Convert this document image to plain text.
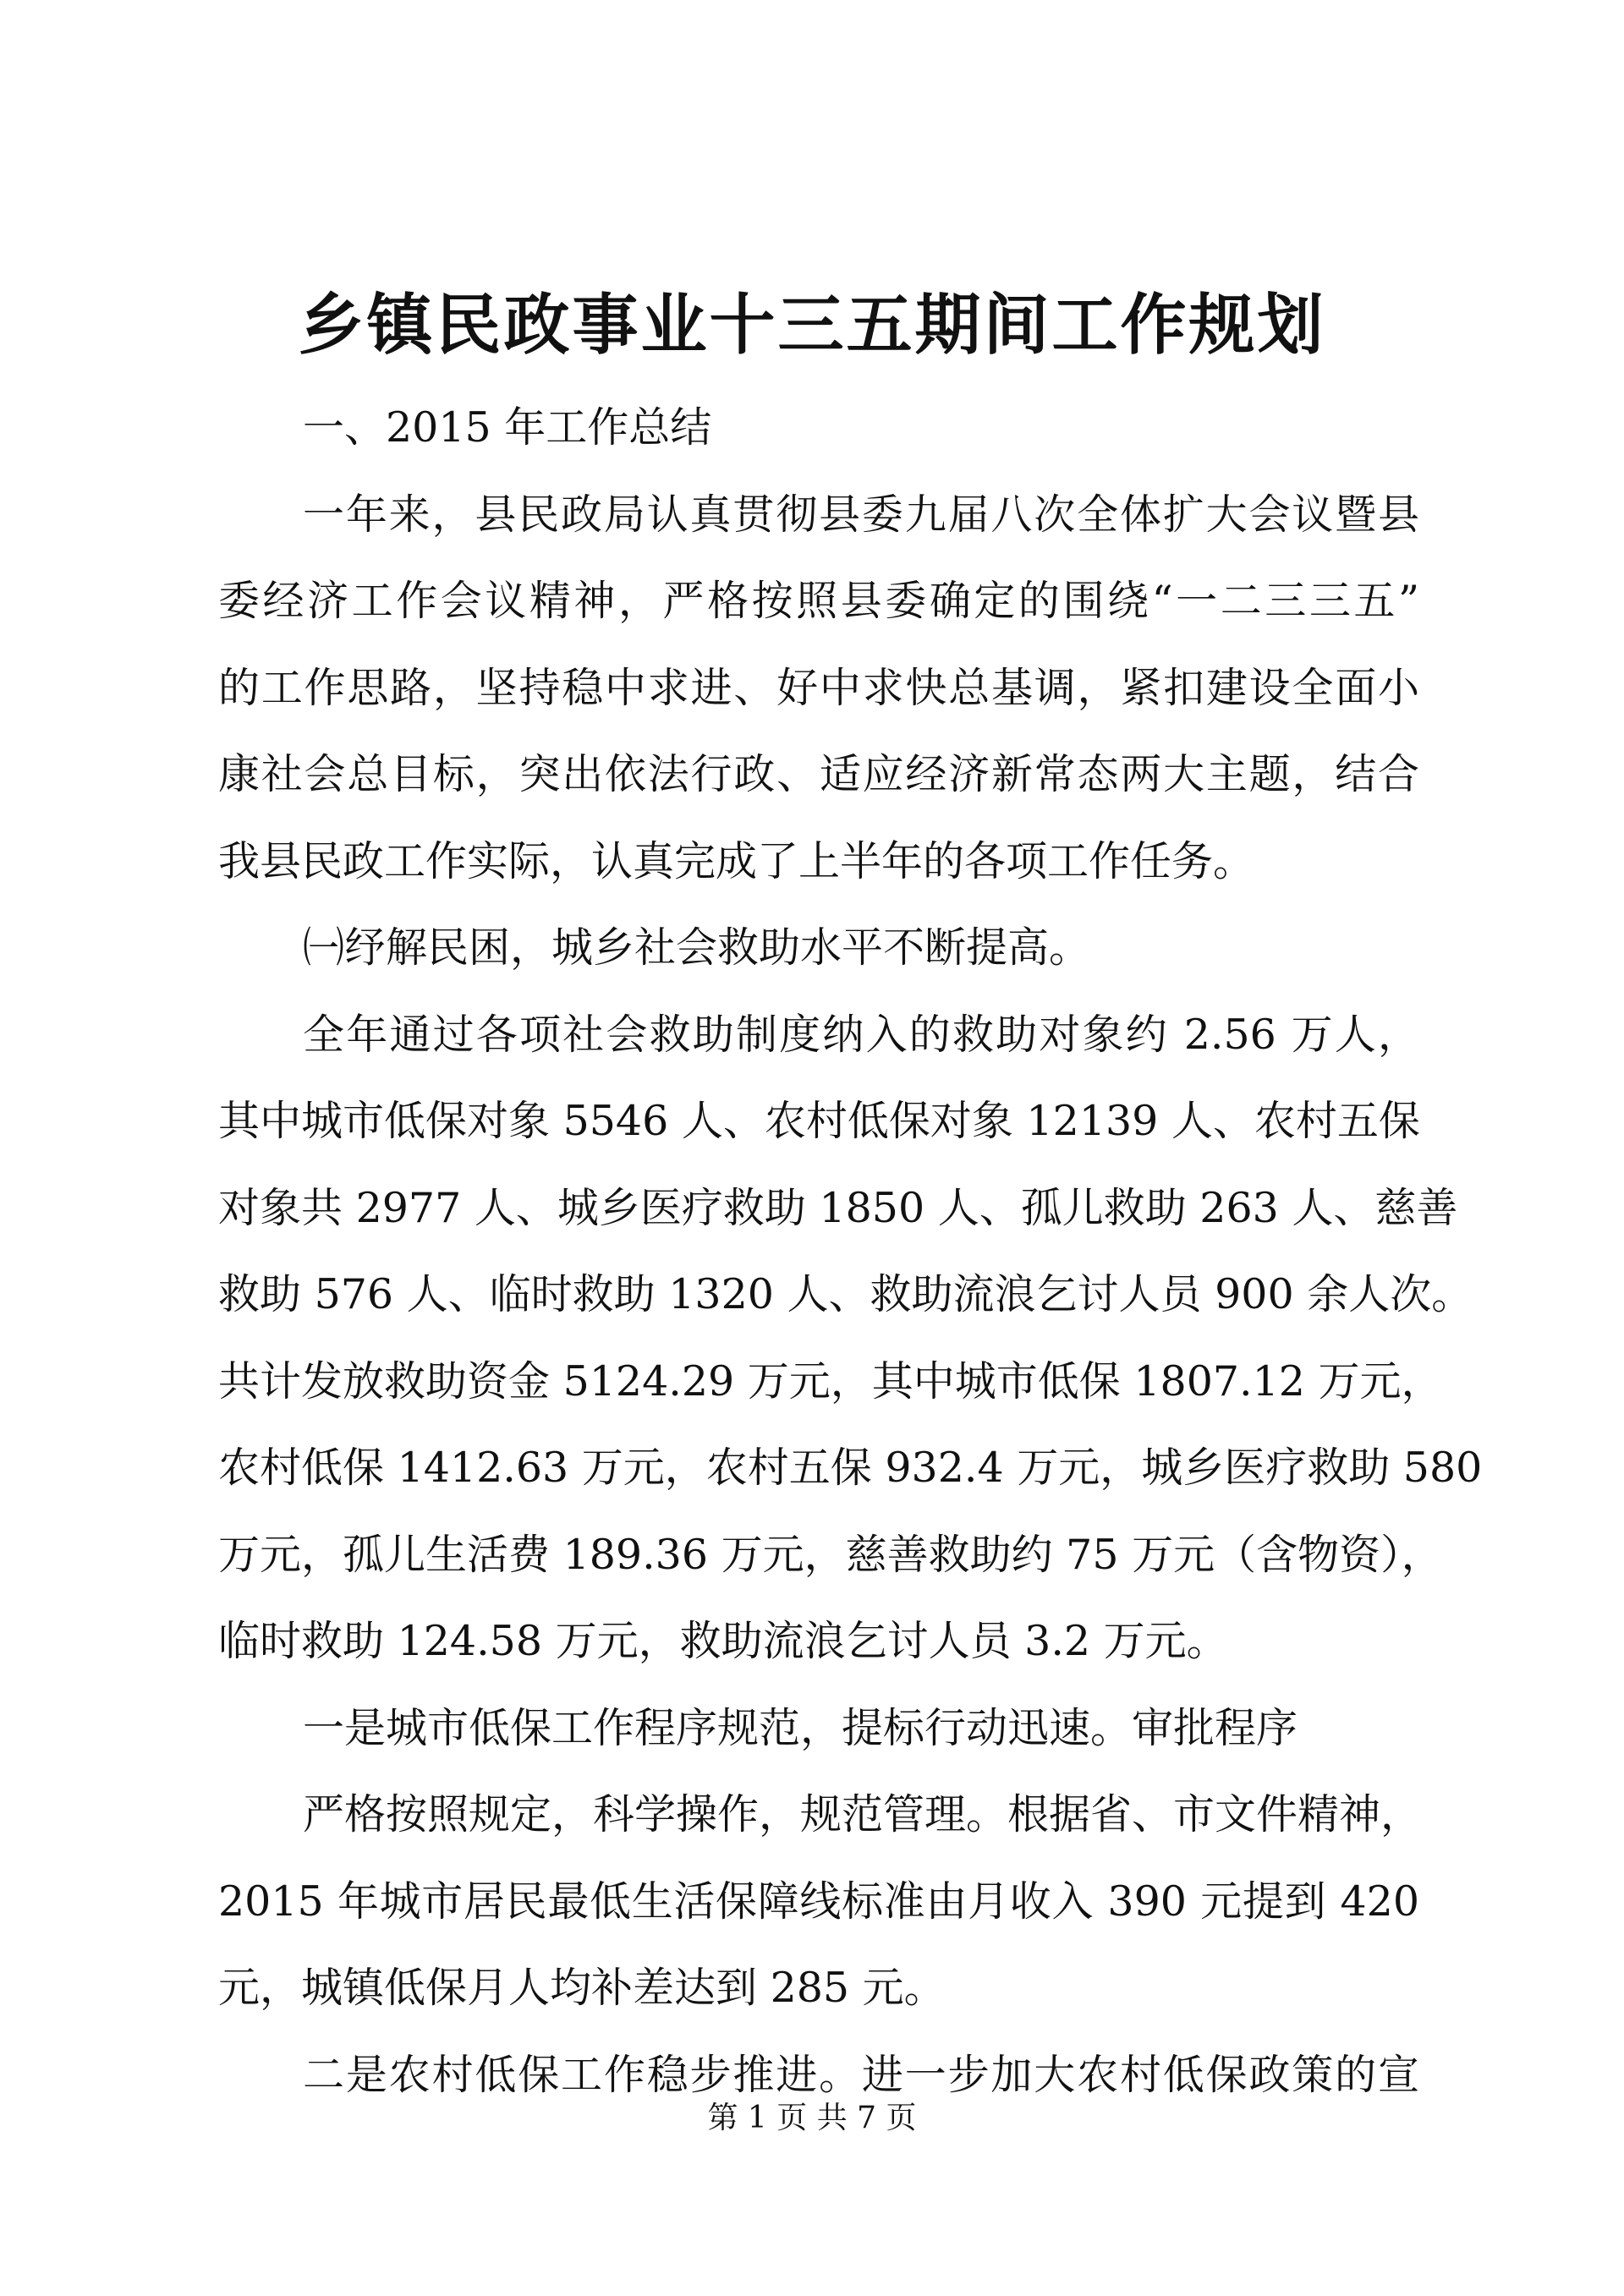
乡镇民政事业十三五期间工作规划
一、2015 年工作总结
一年来，县民政局认真贯彻县委九届八次全体扩大会议暨县
委经济工作会议精神，严格按照县委确定的围绕“一二三三五”
的工作思路，坚持稳中求进、好中求快总基调，紧扣建设全面小
康社会总目标，突出依法行政、适应经济新常态两大主题，结合
我县民政工作实际，认真完成了上半年的各项工作任务。
㈠纾解民困，城乡社会救助水平不断提高。
全年通过各项社会救助制度纳入的救助对象约 2.56 万人，
其中城市低保对象 5546 人、农村低保对象 12139 人、农村五保
对象共 2977 人、城乡医疗救助 1850 人、孤儿救助 263 人、慈善
救助 576 人、临时救助 1320 人、救助流浪乞讨人员 900 余人次。
共计发放救助资金 5124.29 万元，其中城市低保 1807.12 万元，
农村低保 1412.63 万元，农村五保 932.4 万元，城乡医疗救助 580
万元，孤儿生活费 189.36 万元，慈善救助约 75 万元（含物资），
临时救助 124.58 万元，救助流浪乞讨人员 3.2 万元。
一是城市低保工作程序规范，提标行动迅速。审批程序
严格按照规定，科学操作，规范管理。根据省、市文件精神，
2015 年城市居民最低生活保障线标准由月收入 390 元提到 420
元，城镇低保月人均补差达到 285 元。
二是农村低保工作稳步推进。进一步加大农村低保政策的宣
第 1 页 共 7 页
